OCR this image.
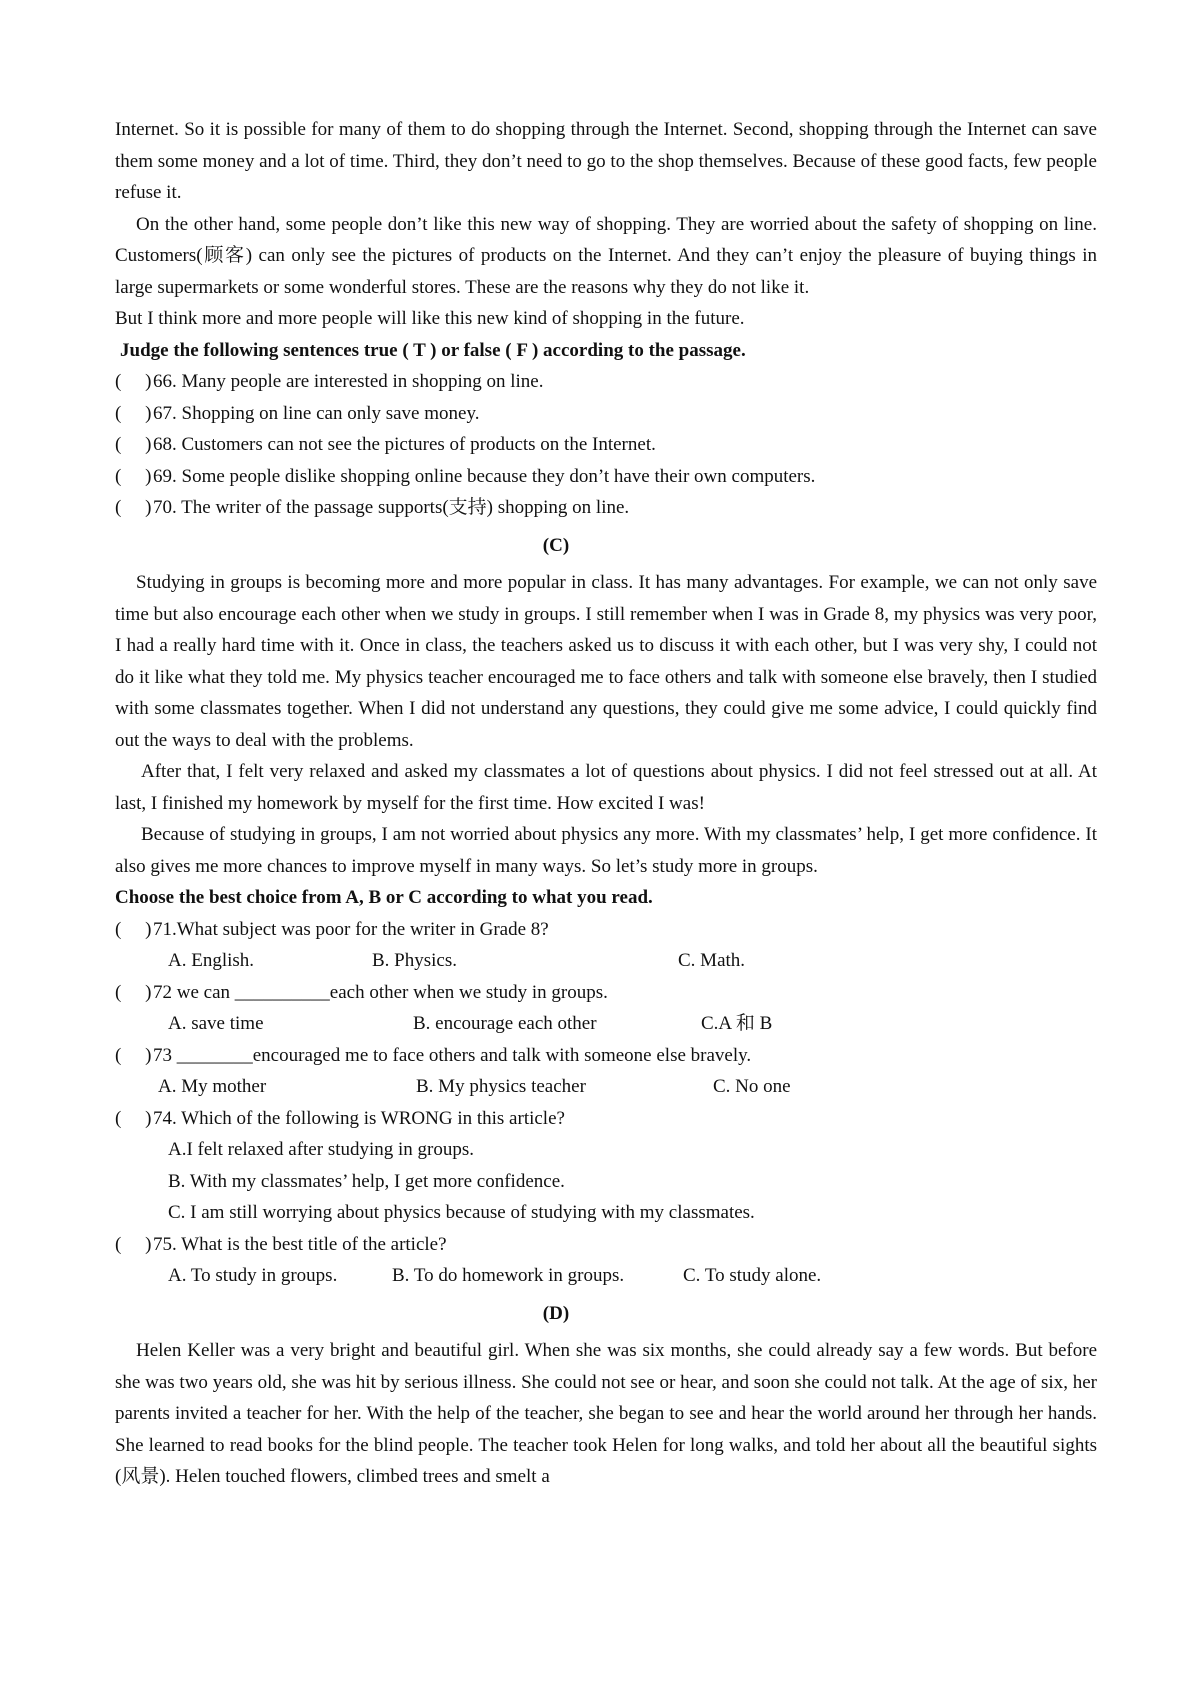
Internet. So it is possible for many of them to do shopping through the Internet. Second, shopping through the Internet can save them some money and a lot of time. Third, they don’t need to go to the shop themselves. Because of these good facts, few people refuse it.

On the other hand, some people don’t like this new way of shopping. They are worried about the safety of shopping on line. Customers(顾客) can only see the pictures of products on the Internet. And they can’t enjoy the pleasure of buying things in large supermarkets or some wonderful stores. These are the reasons why they do not like it.

But I think more and more people will like this new kind of shopping in the future.

Judge the following sentences true ( T ) or false ( F ) according to the passage.

(     )66. Many people are interested in shopping on line.

(     )67. Shopping on line can only save money.

(     )68. Customers can not see the pictures of products on the Internet.

(     )69. Some people dislike shopping online because they don’t have their own computers.

(     )70. The writer of the passage supports(支持) shopping on line.

(C)

Studying in groups is becoming more and more popular in class. It has many advantages. For example, we can not only save time but also encourage each other when we study in groups. I still remember when I was in Grade 8, my physics was very poor, I had a really hard time with it. Once in class, the teachers asked us to discuss it with each other, but I was very shy, I could not do it like what they told me. My physics teacher encouraged me to face others and talk with someone else bravely, then I studied with some classmates together. When I did not understand any questions, they could give me some advice, I could quickly find out the ways to deal with the problems.

After that, I felt very relaxed and asked my classmates a lot of questions about physics. I did not feel stressed out at all. At last, I finished my homework by myself for the first time. How excited I was!

Because of studying in groups, I am not worried about physics any more. With my classmates’ help, I get more confidence. It also gives me more chances to improve myself in many ways. So let’s study more in groups.

Choose the best choice from A, B or C according to what you read.

(     )71.What subject was poor for the writer in Grade 8?

A. English.	B. Physics.	C. Math.

(     )72 we can __________each other when we study in groups.

A. save time	B. encourage each other	C.A 和 B

(     )73 ________encouraged me to face others and talk with someone else bravely.

A. My mother	B. My physics teacher	C. No one

(     )74. Which of the following is WRONG in this article?

A.I felt relaxed after studying in groups.

B. With my classmates’ help, I get more confidence.

C. I am still worrying about physics because of studying with my classmates.

(     )75. What is the best title of the article?

A. To study in groups.	B. To do homework in groups.	C. To study alone.

(D)

Helen Keller was a very bright and beautiful girl. When she was six months, she could already say a few words. But before she was two years old, she was hit by serious illness. She could not see or hear, and soon she could not talk. At the age of six, her parents invited a teacher for her. With the help of the teacher, she began to see and hear the world around her through her hands. She learned to read books for the blind people. The teacher took Helen for long walks, and told her about all the beautiful sights (风景). Helen touched flowers, climbed trees and smelt a
